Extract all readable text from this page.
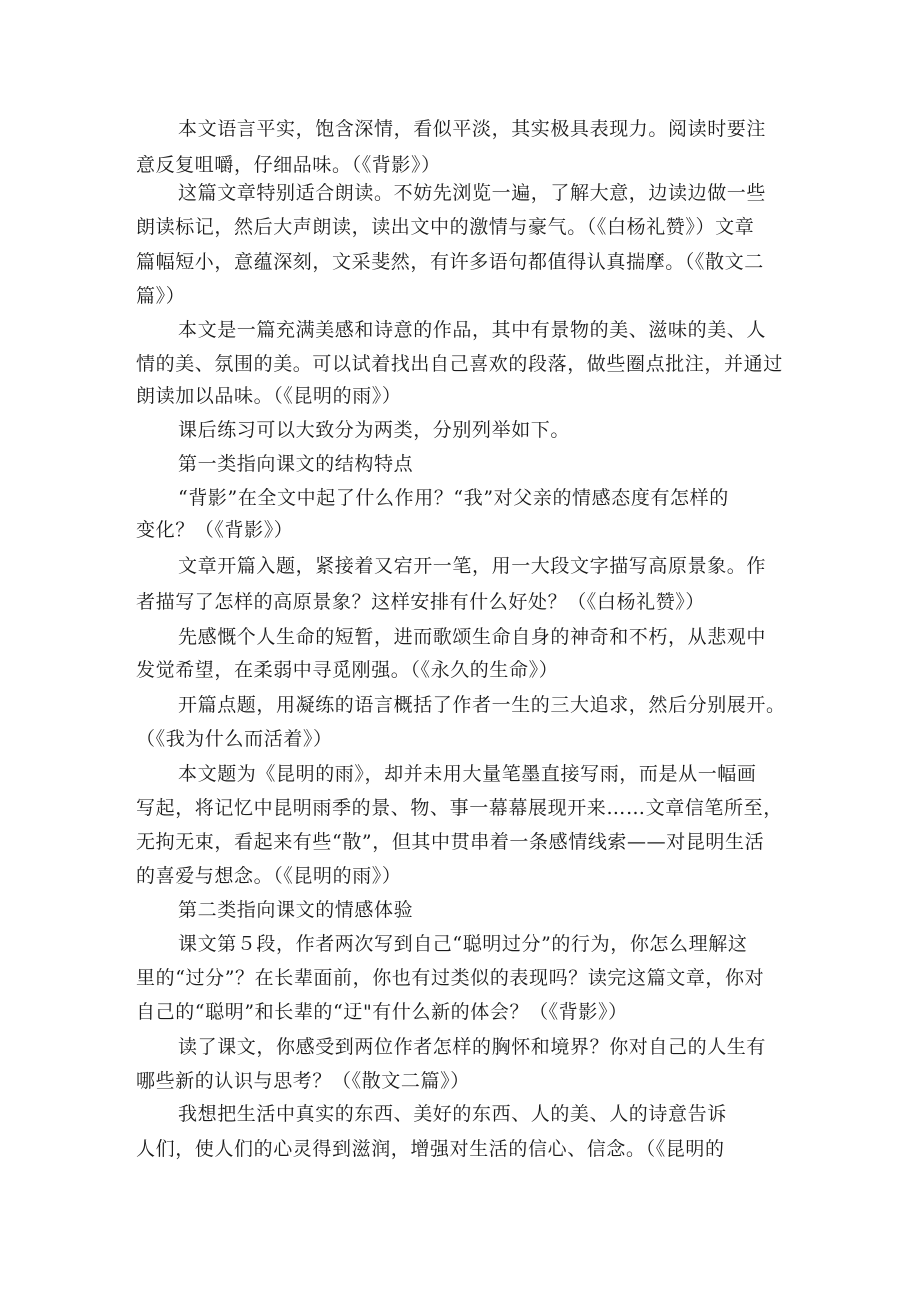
本文语言平实，饱含深情，看似平淡，其实极具表现力。阅读时要注

意反复咀嚼，仔细品味。（《背影》）

这篇文章特别适合朗读。不妨先浏览一遍，了解大意，边读边做一些

朗读标记，然后大声朗读，读出文中的激情与豪气。（《白杨礼赞》）文章

篇幅短小，意蕴深刻，文采斐然，有许多语句都值得认真揣摩。（《散文二

篇》）

本文是一篇充满美感和诗意的作品，其中有景物的美、滋味的美、人

情的美、氛围的美。可以试着找出自己喜欢的段落，做些圈点批注，并通过

朗读加以品味。（《昆明的雨》）

课后练习可以大致分为两类，分别列举如下。

第一类指向课文的结构特点

“背影”在全文中起了什么作用？“我”对父亲的情感态度有怎样的

变化？（《背影》）

文章开篇入题，紧接着又宕开一笔，用一大段文字描写高原景象。作

者描写了怎样的高原景象？这样安排有什么好处？（《白杨礼赞》）

先感慨个人生命的短暂，进而歌颂生命自身的神奇和不朽，从悲观中

发觉希望，在柔弱中寻觅刚强。（《永久的生命》）

开篇点题，用凝练的语言概括了作者一生的三大追求，然后分别展开。

（《我为什么而活着》）

本文题为《昆明的雨》，却并未用大量笔墨直接写雨，而是从一幅画

写起，将记忆中昆明雨季的景、物、事一幕幕展现开来……文章信笔所至，

无拘无束，看起来有些“散”，但其中贯串着一条感情线索——对昆明生活

的喜爱与想念。（《昆明的雨》）

第二类指向课文的情感体验

课文第５段，作者两次写到自己“聪明过分”的行为，你怎么理解这

里的“过分”？在长辈面前，你也有过类似的表现吗？读完这篇文章，你对

自己的“聪明”和长辈的“迂"有什么新的体会？（《背影》）

读了课文，你感受到两位作者怎样的胸怀和境界？你对自己的人生有

哪些新的认识与思考？（《散文二篇》）

我想把生活中真实的东西、美好的东西、人的美、人的诗意告诉

人们，使人们的心灵得到滋润，增强对生活的信心、信念。（《昆明的
